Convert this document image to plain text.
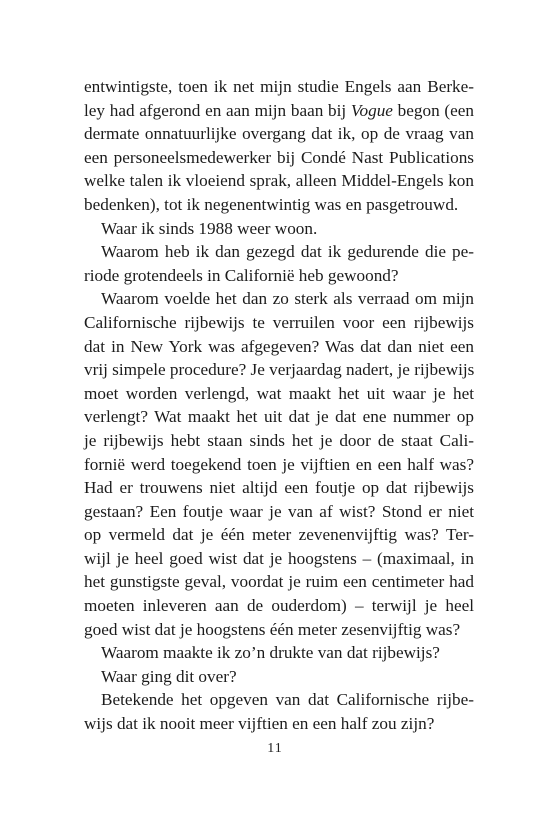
entwintigste, toen ik net mijn studie Engels aan Berke-
ley had afgerond en aan mijn baan bij Vogue begon (een
dermate onnatuurlijke overgang dat ik, op de vraag van
een personeelsmedewerker bij Condé Nast Publications
welke talen ik vloeiend sprak, alleen Middel-Engels kon
bedenken), tot ik negenentwintig was en pasgetrouwd.
Waar ik sinds 1988 weer woon.
Waarom heb ik dan gezegd dat ik gedurende die pe-
riode grotendeels in Californië heb gewoond?
Waarom voelde het dan zo sterk als verraad om mijn
Californische rijbewijs te verruilen voor een rijbewijs
dat in New York was afgegeven? Was dat dan niet een
vrij simpele procedure? Je verjaardag nadert, je rijbewijs
moet worden verlengd, wat maakt het uit waar je het
verlengt? Wat maakt het uit dat je dat ene nummer op
je rijbewijs hebt staan sinds het je door de staat Cali-
fornië werd toegekend toen je vijftien en een half was?
Had er trouwens niet altijd een foutje op dat rijbewijs
gestaan? Een foutje waar je van af wist? Stond er niet
op vermeld dat je één meter zevenenvijftig was? Ter-
wijl je heel goed wist dat je hoogstens – (maximaal, in
het gunstigste geval, voordat je ruim een centimeter had
moeten inleveren aan de ouderdom) – terwijl je heel
goed wist dat je hoogstens één meter zesenvijftig was?
Waarom maakte ik zo’n drukte van dat rijbewijs?
Waar ging dit over?
Betekende het opgeven van dat Californische rijbe-
wijs dat ik nooit meer vijftien en een half zou zijn?
11
